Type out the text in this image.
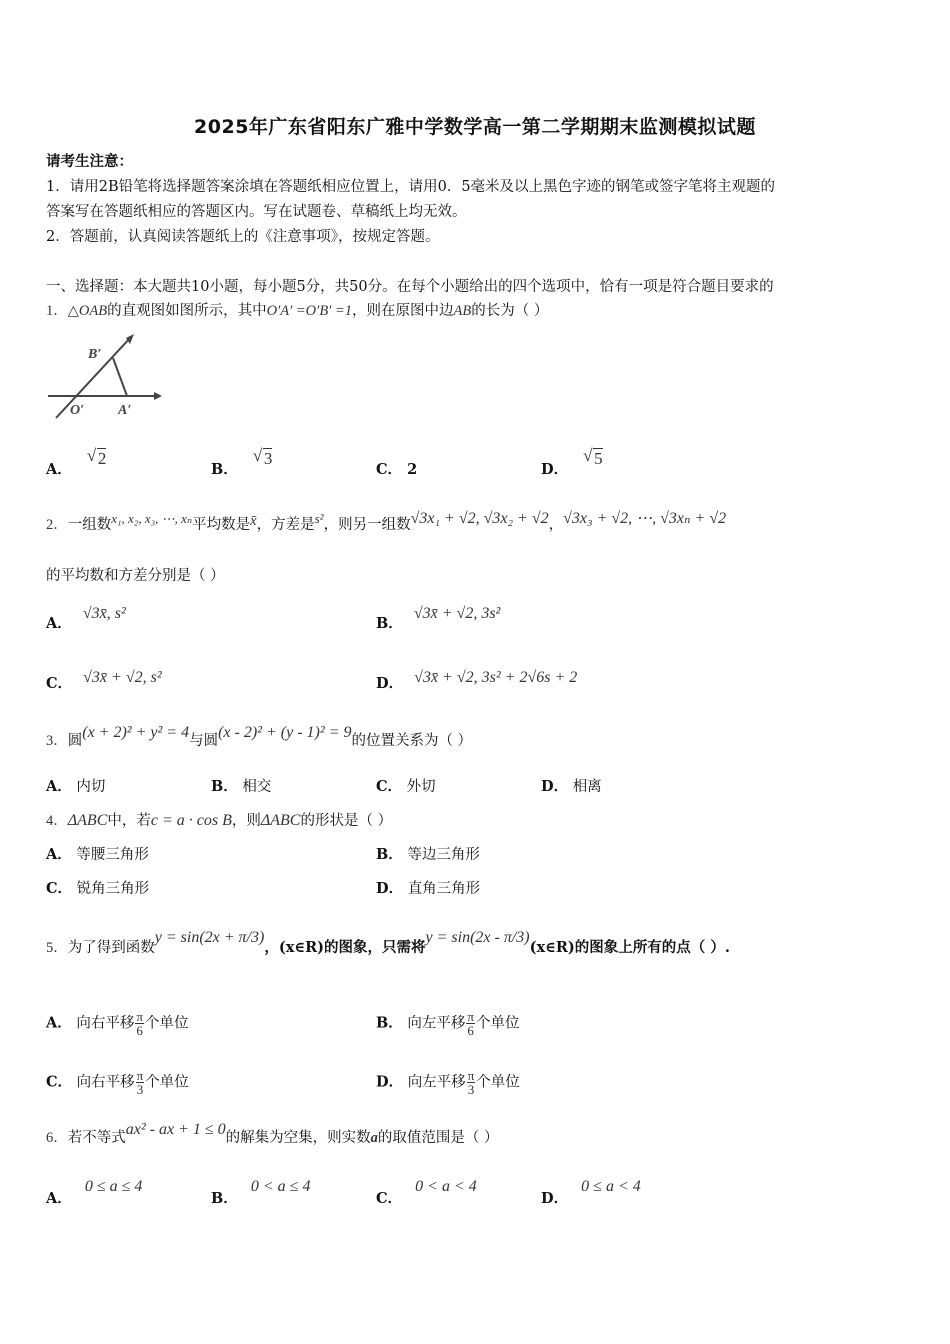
2025年广东省阳东广雅中学数学高一第二学期期末监测模拟试题
请考生注意：
1．请用2B铅笔将选择题答案涂填在答题纸相应位置上，请用0．5毫米及以上黑色字迹的钢笔或签字笔将主观题的
答案写在答题纸相应的答题区内。写在试题卷、草稿纸上均无效。
2．答题前，认真阅读答题纸上的《注意事项》，按规定答题。
一、选择题：本大题共10小题，每小题5分，共50分。在每个小题给出的四个选项中，恰有一项是符合题目要求的
1．△OAB的直观图如图所示，其中O′A′ =O′B′ =1，则在原图中边AB的长为（ ）
B′
O′ A′
A． √ 2
B． √ 3
C． 2	D． √ 5
2．一组数x₁, x₂, x₃, ⋯, xₙ平均数是x̄，方差是s²，则另一组数√3x₁ + √2, √3x₂ + √2，√3x₃ + √2, ⋯, √3xₙ + √2
的平均数和方差分别是（ ）
A． √3x̄, s²
B． √3x̄ + √2, 3s²
C． √3x̄ + √2, s²	D． √3x̄ + √2, 3s² + 2√6s + 2
3．圆(x + 2)² + y² = 4与圆(x - 2)² + (y - 1)² = 9的位置关系为（ ）
A． 内切	B． 相交	C． 外切	D． 相离
4．ΔABC中，若c = a · cos B，则ΔABC的形状是（ ）
A． 等腰三角形	B． 等边三角形
C． 锐角三角形	D． 直角三角形
5．为了得到函数y = sin(2x + π/3)，(x∈R)的图象，只需将y = sin(2x - π/3)(x∈R)的图象上所有的点（ ）.
A． 向右平移 $\frac{\pi}{6}$ 个单位	B． 向左平移 $\frac{\pi}{6}$ 个单位
C． 向右平移 $\frac{\pi}{3}$ 个单位	D． 向左平移 $\frac{\pi}{3}$ 个单位
6．若不等式ax² - ax + 1 ≤ 0的解集为空集，则实数a的取值范围是（ ）
A． 0 ≤ a ≤ 4
B． 0 < a ≤ 4
C． 0 < a < 4
D． 0 ≤ a < 4
